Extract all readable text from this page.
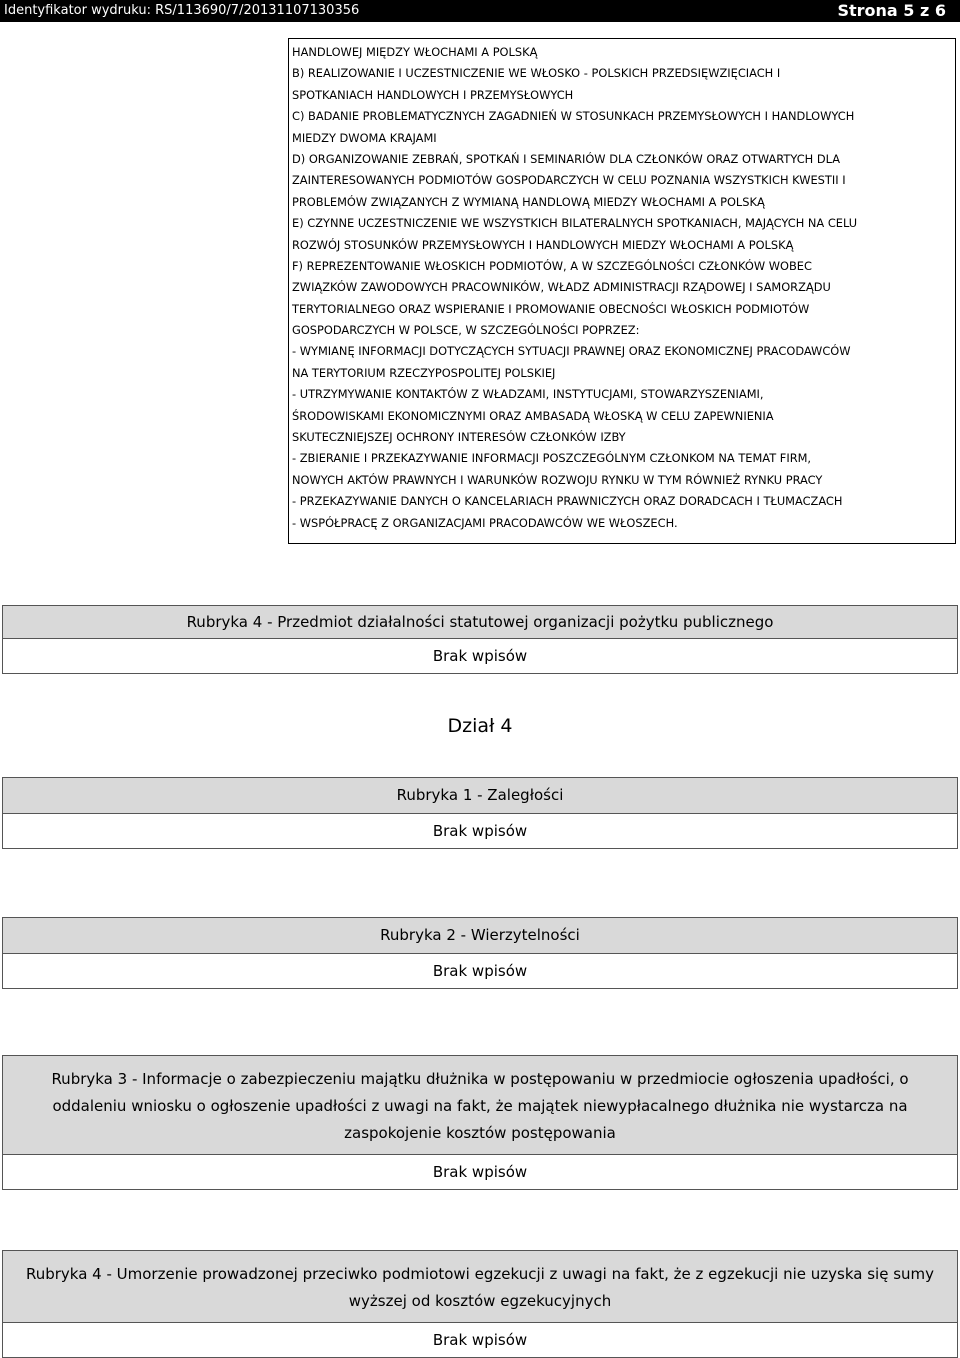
Identyfikator wydruku: RS/113690/7/20131107130356	Strona 5 z 6
HANDLOWEJ MIĘDZY WŁOCHAMI A POLSKĄ
B) REALIZOWANIE I UCZESTNICZENIE WE WŁOSKO - POLSKICH PRZEDSIĘWZIĘCIACH I
SPOTKANIACH HANDLOWYCH I PRZEMYSŁOWYCH
C) BADANIE PROBLEMATYCZNYCH ZAGADNIEŃ W STOSUNKACH PRZEMYSŁOWYCH I HANDLOWYCH
MIEDZY DWOMA KRAJAMI
D) ORGANIZOWANIE ZEBRAŃ, SPOTKAŃ I SEMINARIÓW DLA CZŁONKÓW ORAZ OTWARTYCH DLA
ZAINTERESOWANYCH PODMIOTÓW GOSPODARCZYCH W CELU POZNANIA WSZYSTKICH KWESTII I
PROBLEMÓW ZWIĄZANYCH Z WYMIANĄ HANDLOWĄ MIEDZY WŁOCHAMI A POLSKĄ
E) CZYNNE UCZESTNICZENIE WE WSZYSTKICH BILATERALNYCH SPOTKANIACH, MAJĄCYCH NA CELU
ROZWÓJ STOSUNKÓW PRZEMYSŁOWYCH I HANDLOWYCH MIEDZY WŁOCHAMI A POLSKĄ
F) REPREZENTOWANIE WŁOSKICH PODMIOTÓW, A W SZCZEGÓLNOŚCI CZŁONKÓW WOBEC
ZWIĄZKÓW ZAWODOWYCH PRACOWNIKÓW, WŁADZ ADMINISTRACJI RZĄDOWEJ I SAMORZĄDU
TERYTORIALNEGO ORAZ WSPIERANIE I PROMOWANIE OBECNOŚCI WŁOSKICH PODMIOTÓW
GOSPODARCZYCH W POLSCE, W SZCZEGÓLNOŚCI POPRZEZ:
- WYMIANĘ INFORMACJI DOTYCZĄCYCH SYTUACJI PRAWNEJ ORAZ EKONOMICZNEJ PRACODAWCÓW
NA TERYTORIUM RZECZYPOSPOLITEJ POLSKIEJ
- UTRZYMYWANIE KONTAKTÓW Z WŁADZAMI, INSTYTUCJAMI, STOWARZYSZENIAMI,
ŚRODOWISKAMI EKONOMICZNYMI ORAZ AMBASADĄ WŁOSKĄ W CELU ZAPEWNIENIA
SKUTECZNIEJSZEJ OCHRONY INTERESÓW CZŁONKÓW IZBY
- ZBIERANIE I PRZEKAZYWANIE INFORMACJI POSZCZEGÓLNYM CZŁONKOM NA TEMAT FIRM,
NOWYCH AKTÓW PRAWNYCH I WARUNKÓW ROZWOJU RYNKU W TYM RÓWNIEŻ RYNKU PRACY
- PRZEKAZYWANIE DANYCH O KANCELARIACH PRAWNICZYCH ORAZ DORADCACH I TŁUMACZACH
- WSPÓŁPRACĘ Z ORGANIZACJAMI PRACODAWCÓW WE WŁOSZECH.
Rubryka 4 - Przedmiot działalności statutowej organizacji pożytku publicznego
Brak wpisów
Dział 4
Rubryka 1 - Zaległości
Brak wpisów
Rubryka 2 - Wierzytelności
Brak wpisów
Rubryka 3 - Informacje o zabezpieczeniu majątku dłużnika w postępowaniu w przedmiocie ogłoszenia upadłości, o oddaleniu wniosku o ogłoszenie upadłości z uwagi na fakt, że majątek niewypłacalnego dłużnika nie wystarcza na zaspokojenie kosztów postępowania
Brak wpisów
Rubryka 4 - Umorzenie prowadzonej przeciwko podmiotowi egzekucji z uwagi na fakt, że z egzekucji nie uzyska się sumy wyższej od kosztów egzekucyjnych
Brak wpisów
